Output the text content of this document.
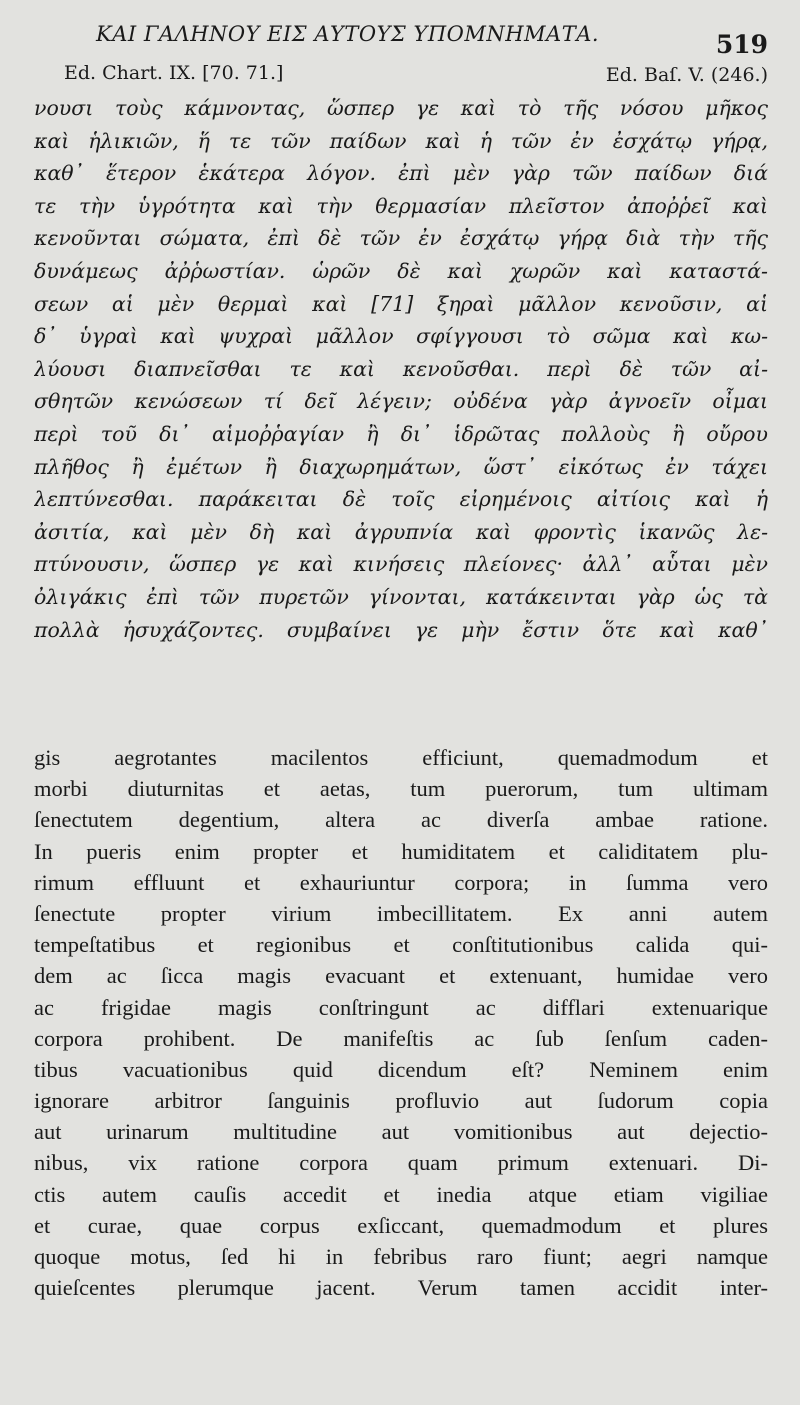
ΚΑΙ ΓΑΛΗΝΟΥ ΕΙΣ ΑΥΤΟΥΣ ΥΠΟΜΝΗΜΑΤΑ.	519
Ed. Chart. IX. [70. 71.]	Ed. Baſ. V. (246.)
νουσι τοὺς κάμνοντας, ὥσπερ γε καὶ τὸ τῆς νόσου μῆκος
καὶ ἡλικιῶν, ἥ τε τῶν παίδων καὶ ἡ τῶν ἐν ἐσχάτῳ γήρᾳ,
καθ᾽ ἕτερον ἑκάτερα λόγον. ἐπὶ μὲν γὰρ τῶν παίδων διά
τε τὴν ὑγρότητα καὶ τὴν θερμασίαν πλεῖστον ἀποῤῥεῖ καὶ
κενοῦνται σώματα, ἐπὶ δὲ τῶν ἐν ἐσχάτῳ γήρᾳ διὰ τὴν τῆς
δυνάμεως ἀῤῥωστίαν. ὡρῶν δὲ καὶ χωρῶν καὶ καταστά-
σεων αἱ μὲν θερμαὶ καὶ [71] ξηραὶ μᾶλλον κενοῦσιν, αἱ
δ᾽ ὑγραὶ καὶ ψυχραὶ μᾶλλον σφίγγουσι τὸ σῶμα καὶ κω-
λύουσι διαπνεῖσθαι τε καὶ κενοῦσθαι. περὶ δὲ τῶν αἰ-
σθητῶν κενώσεων τί δεῖ λέγειν; οὐδένα γὰρ ἀγνοεῖν οἶμαι
περὶ τοῦ δι᾽ αἱμοῤῥαγίαν ἢ δι᾽ ἱδρῶτας πολλοὺς ἢ οὔρου
πλῆθος ἢ ἐμέτων ἢ διαχωρημάτων, ὥστ᾽ εἰκότως ἐν τάχει
λεπτύνεσθαι. παράκειται δὲ τοῖς εἰρημένοις αἰτίοις καὶ ἡ
ἀσιτία, καὶ μὲν δὴ καὶ ἀγρυπνία καὶ φροντὶς ἱκανῶς λε-
πτύνουσιν, ὥσπερ γε καὶ κινήσεις πλείονες· ἀλλ᾽ αὗται μὲν
ὀλιγάκις ἐπὶ τῶν πυρετῶν γίνονται, κατάκεινται γὰρ ὡς τὰ
πολλὰ ἡσυχάζοντες. συμβαίνει γε μὴν ἔστιν ὅτε καὶ καθ᾽
gis aegrotantes macilentos efficiunt, quemadmodum et
morbi diuturnitas et aetas, tum puerorum, tum ultimam
ſenectutem degentium, altera ac diverſa ambae ratione.
In pueris enim propter et humiditatem et caliditatem plu-
rimum effluunt et exhauriuntur corpora; in ſumma vero
ſenectute propter virium imbecillitatem. Ex anni autem
tempeſtatibus et regionibus et conſtitutionibus calida qui-
dem ac ſicca magis evacuant et extenuant, humidae vero
ac frigidae magis conſtringunt ac difflari extenuarique
corpora prohibent. De manifeſtis ac ſub ſenſum caden-
tibus vacuationibus quid dicendum eſt? Neminem enim
ignorare arbitror ſanguinis profluvio aut ſudorum copia
aut urinarum multitudine aut vomitionibus aut dejectio-
nibus, vix ratione corpora quam primum extenuari. Di-
ctis autem cauſis accedit et inedia atque etiam vigiliae
et curae, quae corpus exſiccant, quemadmodum et plures
quoque motus, ſed hi in febribus raro fiunt; aegri namque
quieſcentes plerumque jacent. Verum tamen accidit inter-
